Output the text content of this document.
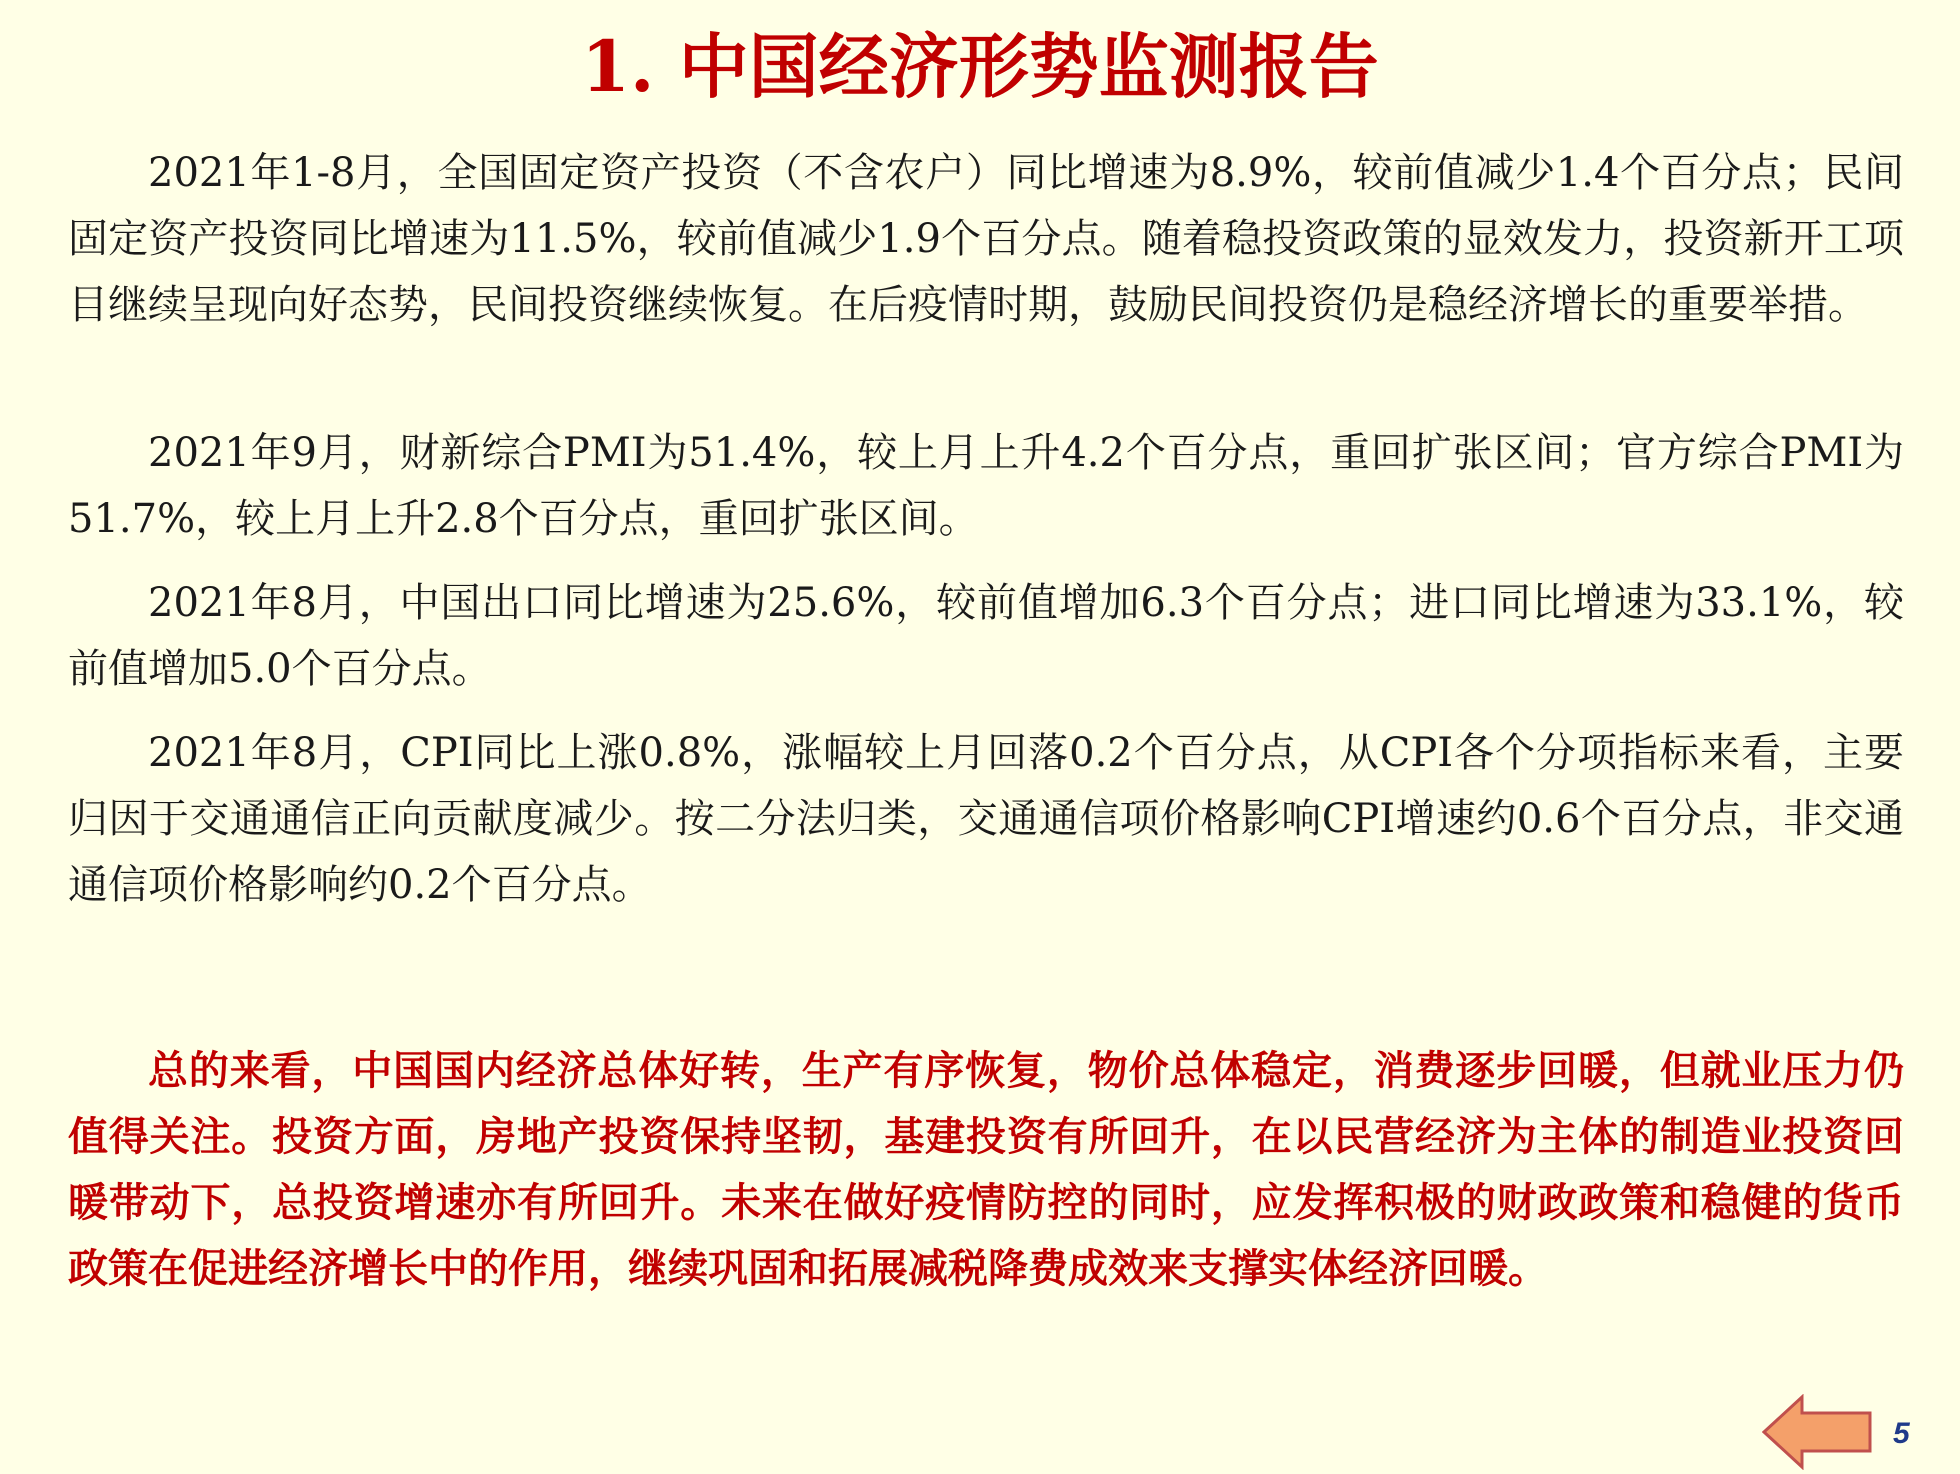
1. 中国经济形势监测报告

2021年1-8月，全国固定资产投资（不含农户）同比增速为8.9%，较前值减少1.4个百分点；民间固定资产投资同比增速为11.5%，较前值减少1.9个百分点。随着稳投资政策的显效发力，投资新开工项目继续呈现向好态势，民间投资继续恢复。在后疫情时期，鼓励民间投资仍是稳经济增长的重要举措。

2021年9月，财新综合PMI为51.4%，较上月上升4.2个百分点，重回扩张区间；官方综合PMI为51.7%，较上月上升2.8个百分点，重回扩张区间。

2021年8月，中国出口同比增速为25.6%，较前值增加6.3个百分点；进口同比增速为33.1%，较前值增加5.0个百分点。

2021年8月，CPI同比上涨0.8%，涨幅较上月回落0.2个百分点，从CPI各个分项指标来看，主要归因于交通通信正向贡献度减少。按二分法归类，交通通信项价格影响CPI增速约0.6个百分点，非交通通信项价格影响约0.2个百分点。

总的来看，中国国内经济总体好转，生产有序恢复，物价总体稳定，消费逐步回暖，但就业压力仍值得关注。投资方面，房地产投资保持坚韧，基建投资有所回升，在以民营经济为主体的制造业投资回暖带动下，总投资增速亦有所回升。未来在做好疫情防控的同时，应发挥积极的财政政策和稳健的货币政策在促进经济增长中的作用，继续巩固和拓展减税降费成效来支撑实体经济回暖。

5
